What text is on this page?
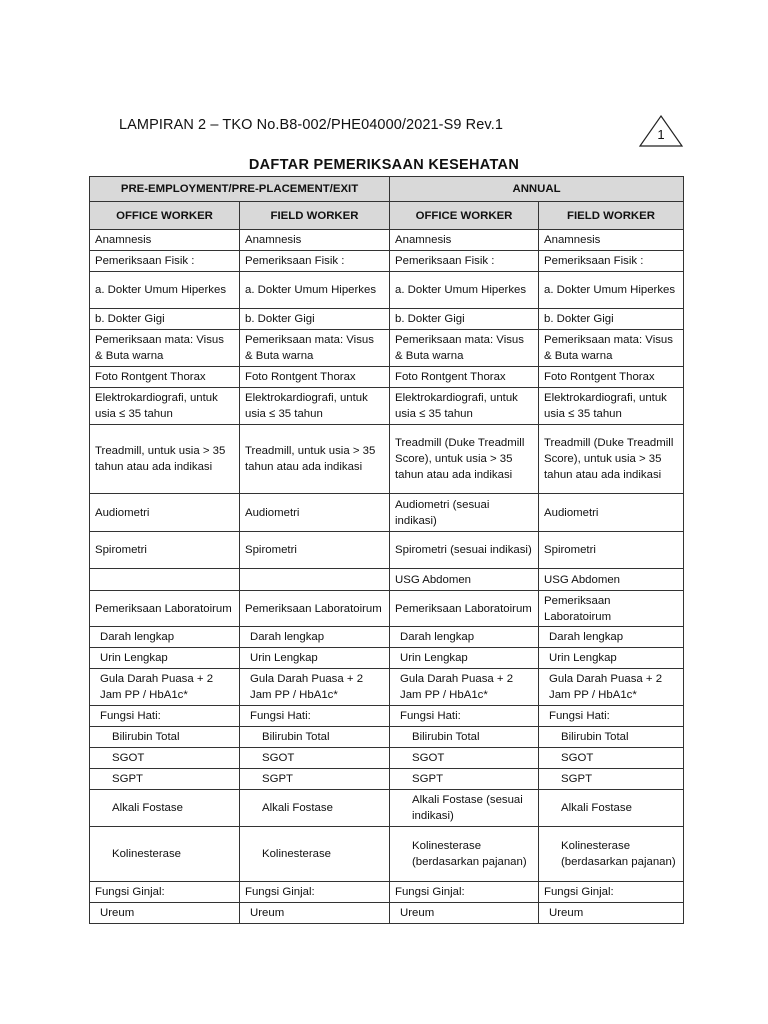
LAMPIRAN 2 – TKO No.B8-002/PHE04000/2021-S9 Rev.1
1
DAFTAR PEMERIKSAAN KESEHATAN
PRE-EMPLOYMENT/PRE-PLACEMENT/EXIT		ANNUAL	
OFFICE WORKER	FIELD WORKER	OFFICE WORKER	FIELD WORKER
Anamnesis	Anamnesis	Anamnesis	Anamnesis
Pemeriksaan Fisik :	Pemeriksaan Fisik :	Pemeriksaan Fisik :	Pemeriksaan Fisik :
a. Dokter Umum Hiperkes	a. Dokter Umum Hiperkes	a. Dokter Umum Hiperkes	a. Dokter Umum Hiperkes
b. Dokter Gigi	b. Dokter Gigi	b. Dokter Gigi	b. Dokter Gigi
Pemeriksaan mata: Visus & Buta warna	Pemeriksaan mata: Visus & Buta warna	Pemeriksaan mata: Visus & Buta warna	Pemeriksaan mata: Visus & Buta warna
Foto Rontgent Thorax	Foto Rontgent Thorax	Foto Rontgent Thorax	Foto Rontgent Thorax
Elektrokardiografi, untuk usia ≤ 35 tahun	Elektrokardiografi, untuk usia ≤ 35 tahun	Elektrokardiografi, untuk usia ≤ 35 tahun	Elektrokardiografi, untuk usia ≤ 35 tahun
Treadmill, untuk usia > 35 tahun atau ada indikasi	Treadmill, untuk usia > 35 tahun atau ada indikasi	Treadmill (Duke Treadmill Score), untuk usia > 35 tahun atau ada indikasi	Treadmill (Duke Treadmill Score), untuk usia > 35 tahun atau ada indikasi
Audiometri	Audiometri	Audiometri (sesuai indikasi)	Audiometri
Spirometri	Spirometri	Spirometri (sesuai indikasi)	Spirometri
		USG Abdomen	USG Abdomen
Pemeriksaan Laboratoirum	Pemeriksaan Laboratoirum	Pemeriksaan Laboratoirum	Pemeriksaan Laboratoirum
Darah lengkap	Darah lengkap	Darah lengkap	Darah lengkap
Urin Lengkap	Urin Lengkap	Urin Lengkap	Urin Lengkap
Gula Darah Puasa + 2 Jam PP / HbA1c*	Gula Darah Puasa + 2 Jam PP / HbA1c*	Gula Darah Puasa + 2 Jam PP / HbA1c*	Gula Darah Puasa + 2 Jam PP / HbA1c*
Fungsi Hati:	Fungsi Hati:	Fungsi Hati:	Fungsi Hati:
Bilirubin Total	Bilirubin Total	Bilirubin Total	Bilirubin Total
SGOT	SGOT	SGOT	SGOT
SGPT	SGPT	SGPT	SGPT
Alkali Fostase	Alkali Fostase	Alkali Fostase (sesuai indikasi)	Alkali Fostase
Kolinesterase	Kolinesterase	Kolinesterase (berdasarkan pajanan)	Kolinesterase (berdasarkan pajanan)
Fungsi Ginjal:	Fungsi Ginjal:	Fungsi Ginjal:	Fungsi Ginjal:
Ureum	Ureum	Ureum	Ureum
